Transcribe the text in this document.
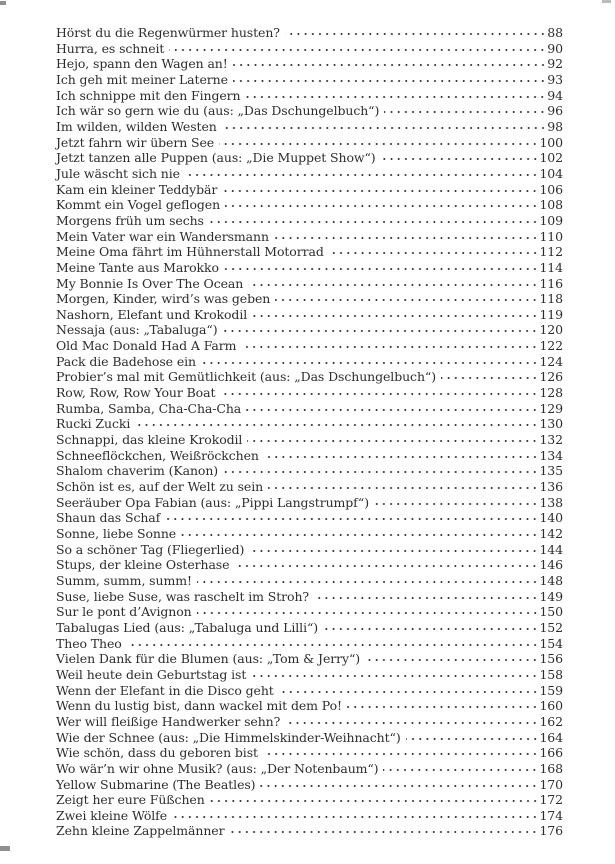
Hörst du die Regenwürmer husten?	88
Hurra, es schneit	90
Hejo, spann den Wagen an!	92
Ich geh mit meiner Laterne	93
Ich schnippe mit den Fingern	94
Ich wär so gern wie du (aus: „Das Dschungelbuch“)	96
Im wilden, wilden Westen	98
Jetzt fahrn wir übern See	100
Jetzt tanzen alle Puppen (aus: „Die Muppet Show“)	102
Jule wäscht sich nie	104
Kam ein kleiner Teddybär	106
Kommt ein Vogel geflogen	108
Morgens früh um sechs	109
Mein Vater war ein Wandersmann	110
Meine Oma fährt im Hühnerstall Motorrad	112
Meine Tante aus Marokko	114
My Bonnie Is Over The Ocean	116
Morgen, Kinder, wird’s was geben	118
Nashorn, Elefant und Krokodil	119
Nessaja (aus: „Tabaluga“)	120
Old Mac Donald Had A Farm	122
Pack die Badehose ein	124
Probier’s mal mit Gemütlichkeit (aus: „Das Dschungelbuch“)	126
Row, Row, Row Your Boat	128
Rumba, Samba, Cha-Cha-Cha	129
Rucki Zucki	130
Schnappi, das kleine Krokodil	132
Schneeflöckchen, Weißröckchen	134
Shalom chaverim (Kanon)	135
Schön ist es, auf der Welt zu sein	136
Seeräuber Opa Fabian (aus: „Pippi Langstrumpf“)	138
Shaun das Schaf	140
Sonne, liebe Sonne	142
So a schöner Tag (Fliegerlied)	144
Stups, der kleine Osterhase	146
Summ, summ, summ!	148
Suse, liebe Suse, was raschelt im Stroh?	149
Sur le pont d’Avignon	150
Tabalugas Lied (aus: „Tabaluga und Lilli“)	152
Theo Theo	154
Vielen Dank für die Blumen (aus: „Tom & Jerry“)	156
Weil heute dein Geburtstag ist	158
Wenn der Elefant in die Disco geht	159
Wenn du lustig bist, dann wackel mit dem Po!	160
Wer will fleißige Handwerker sehn?	162
Wie der Schnee (aus: „Die Himmelskinder-Weihnacht“)	164
Wie schön, dass du geboren bist	166
Wo wär’n wir ohne Musik? (aus: „Der Notenbaum“)	168
Yellow Submarine (The Beatles)	170
Zeigt her eure Füßchen	172
Zwei kleine Wölfe	174
Zehn kleine Zappelmänner	176
